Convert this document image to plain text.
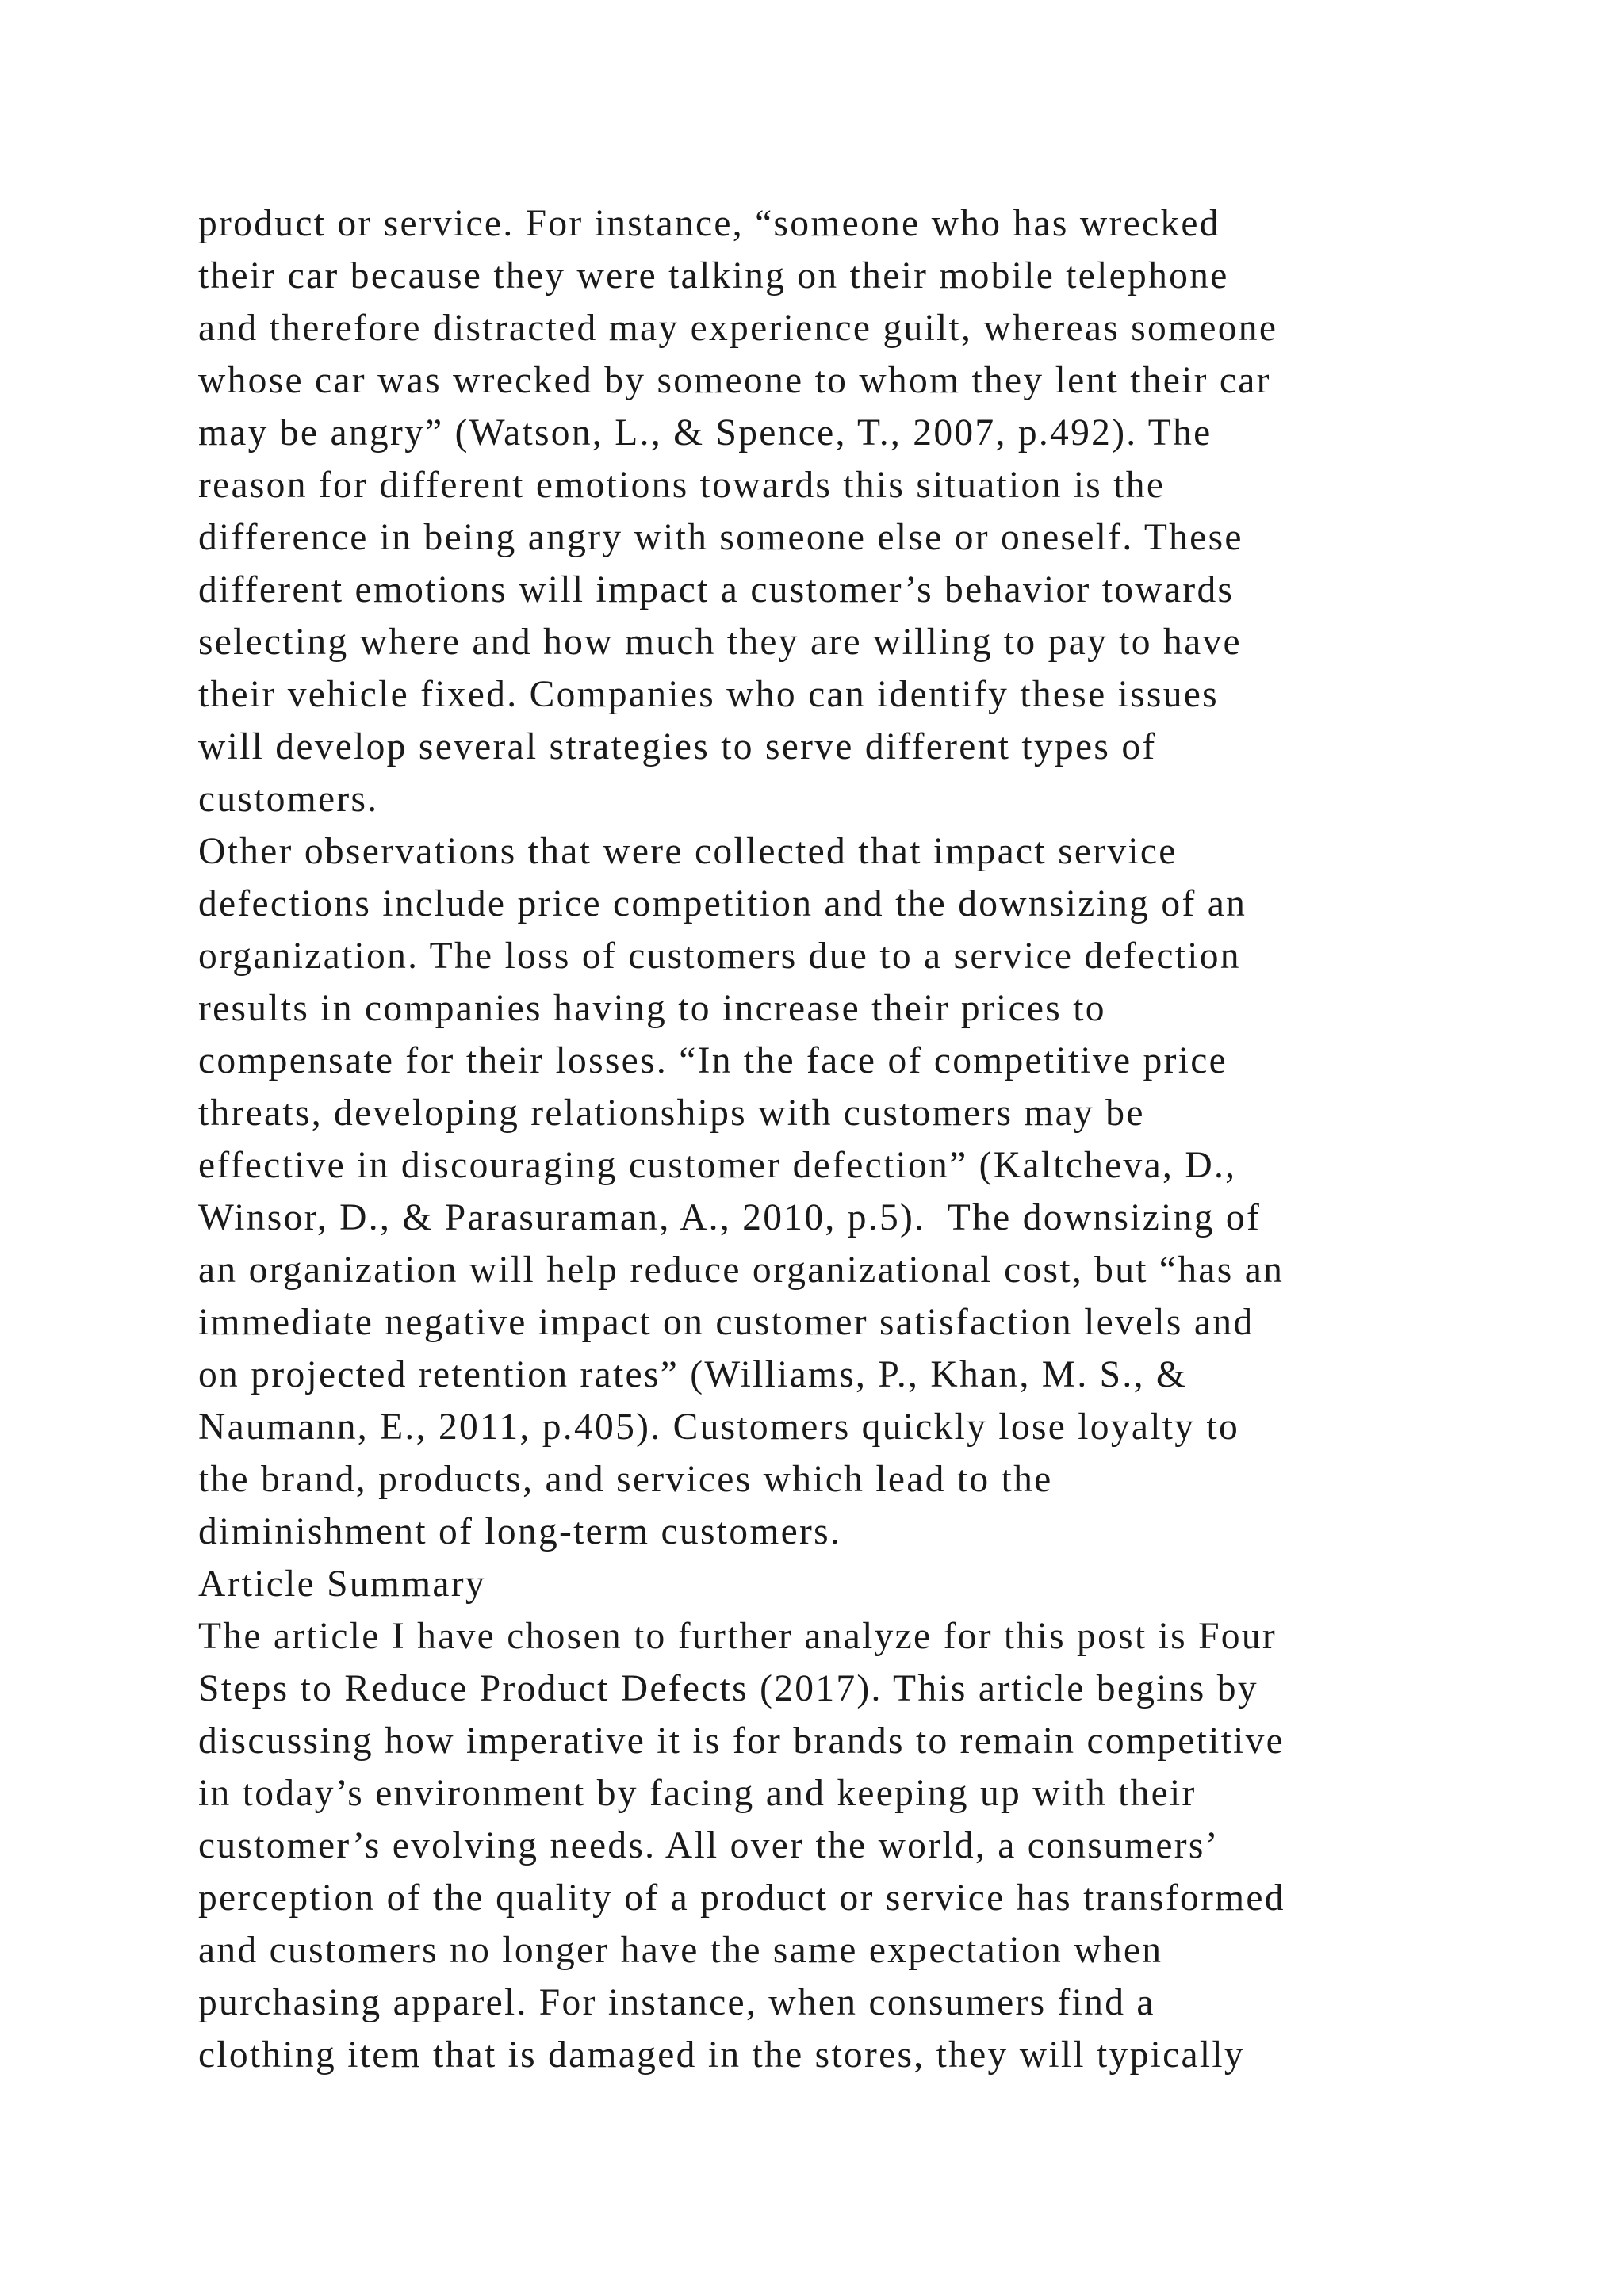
product or service. For instance, “someone who has wrecked
their car because they were talking on their mobile telephone
and therefore distracted may experience guilt, whereas someone
whose car was wrecked by someone to whom they lent their car
may be angry” (Watson, L., & Spence, T., 2007, p.492). The
reason for different emotions towards this situation is the
difference in being angry with someone else or oneself. These
different emotions will impact a customer’s behavior towards
selecting where and how much they are willing to pay to have
their vehicle fixed. Companies who can identify these issues
will develop several strategies to serve different types of
customers.
Other observations that were collected that impact service
defections include price competition and the downsizing of an
organization. The loss of customers due to a service defection
results in companies having to increase their prices to
compensate for their losses. “In the face of competitive price
threats, developing relationships with customers may be
effective in discouraging customer defection” (Kaltcheva, D.,
Winsor, D., & Parasuraman, A., 2010, p.5).  The downsizing of
an organization will help reduce organizational cost, but “has an
immediate negative impact on customer satisfaction levels and
on projected retention rates” (Williams, P., Khan, M. S., &
Naumann, E., 2011, p.405). Customers quickly lose loyalty to
the brand, products, and services which lead to the
diminishment of long-term customers.
Article Summary
The article I have chosen to further analyze for this post is Four
Steps to Reduce Product Defects (2017). This article begins by
discussing how imperative it is for brands to remain competitive
in today’s environment by facing and keeping up with their
customer’s evolving needs. All over the world, a consumers’
perception of the quality of a product or service has transformed
and customers no longer have the same expectation when
purchasing apparel. For instance, when consumers find a
clothing item that is damaged in the stores, they will typically
